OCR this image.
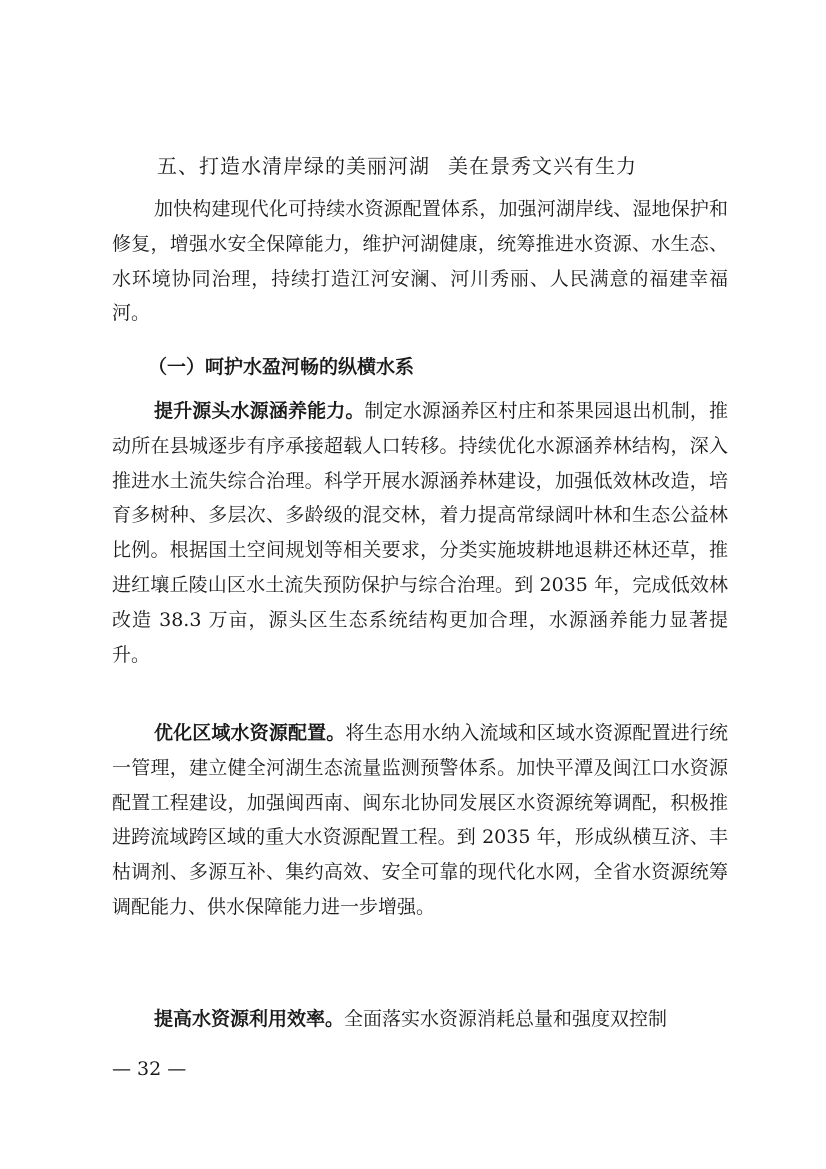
五、打造水清岸绿的美丽河湖 美在景秀文兴有生力

加快构建现代化可持续水资源配置体系，加强河湖岸线、湿地保护和修复，增强水安全保障能力，维护河湖健康，统筹推进水资源、水生态、水环境协同治理，持续打造江河安澜、河川秀丽、人民满意的福建幸福河。

（一）呵护水盈河畅的纵横水系

提升源头水源涵养能力。制定水源涵养区村庄和茶果园退出机制，推动所在县城逐步有序承接超载人口转移。持续优化水源涵养林结构，深入推进水土流失综合治理。科学开展水源涵养林建设，加强低效林改造，培育多树种、多层次、多龄级的混交林，着力提高常绿阔叶林和生态公益林比例。根据国土空间规划等相关要求，分类实施坡耕地退耕还林还草，推进红壤丘陵山区水土流失预防保护与综合治理。到 2035 年，完成低效林改造 38.3 万亩，源头区生态系统结构更加合理，水源涵养能力显著提升。

优化区域水资源配置。将生态用水纳入流域和区域水资源配置进行统一管理，建立健全河湖生态流量监测预警体系。加快平潭及闽江口水资源配置工程建设，加强闽西南、闽东北协同发展区水资源统筹调配，积极推进跨流域跨区域的重大水资源配置工程。到 2035 年，形成纵横互济、丰枯调剂、多源互补、集约高效、安全可靠的现代化水网，全省水资源统筹调配能力、供水保障能力进一步增强。

提高水资源利用效率。全面落实水资源消耗总量和强度双控制

— 32 —
